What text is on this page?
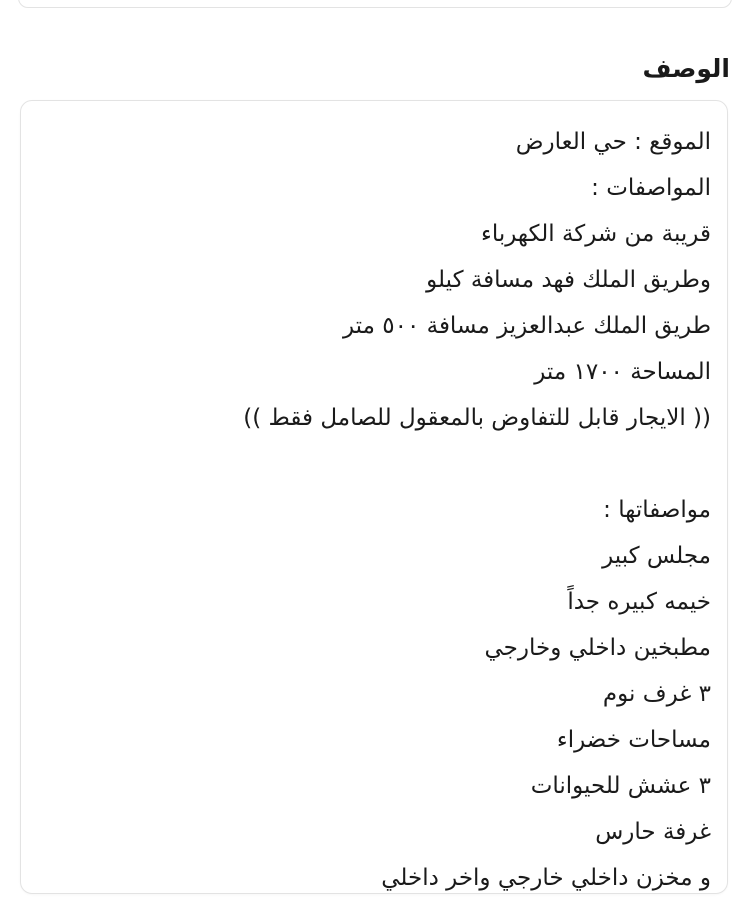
الوصف
الموقع : حي العارض
المواصفات :
قريبة من شركة الكهرباء
وطريق الملك فهد مسافة كيلو
طريق الملك عبدالعزيز مسافة ٥٠٠ متر
المساحة ١٧٠٠ متر
(( الايجار قابل للتفاوض بالمعقول للصامل فقط ))
مواصفاتها :
مجلس كبير
خيمه كبيره جداً
مطبخين داخلي وخارجي
٣ غرف نوم
مساحات خضراء
٣ عشش للحيوانات
غرفة حارس
و مخزن داخلي خارجي واخر داخلي
